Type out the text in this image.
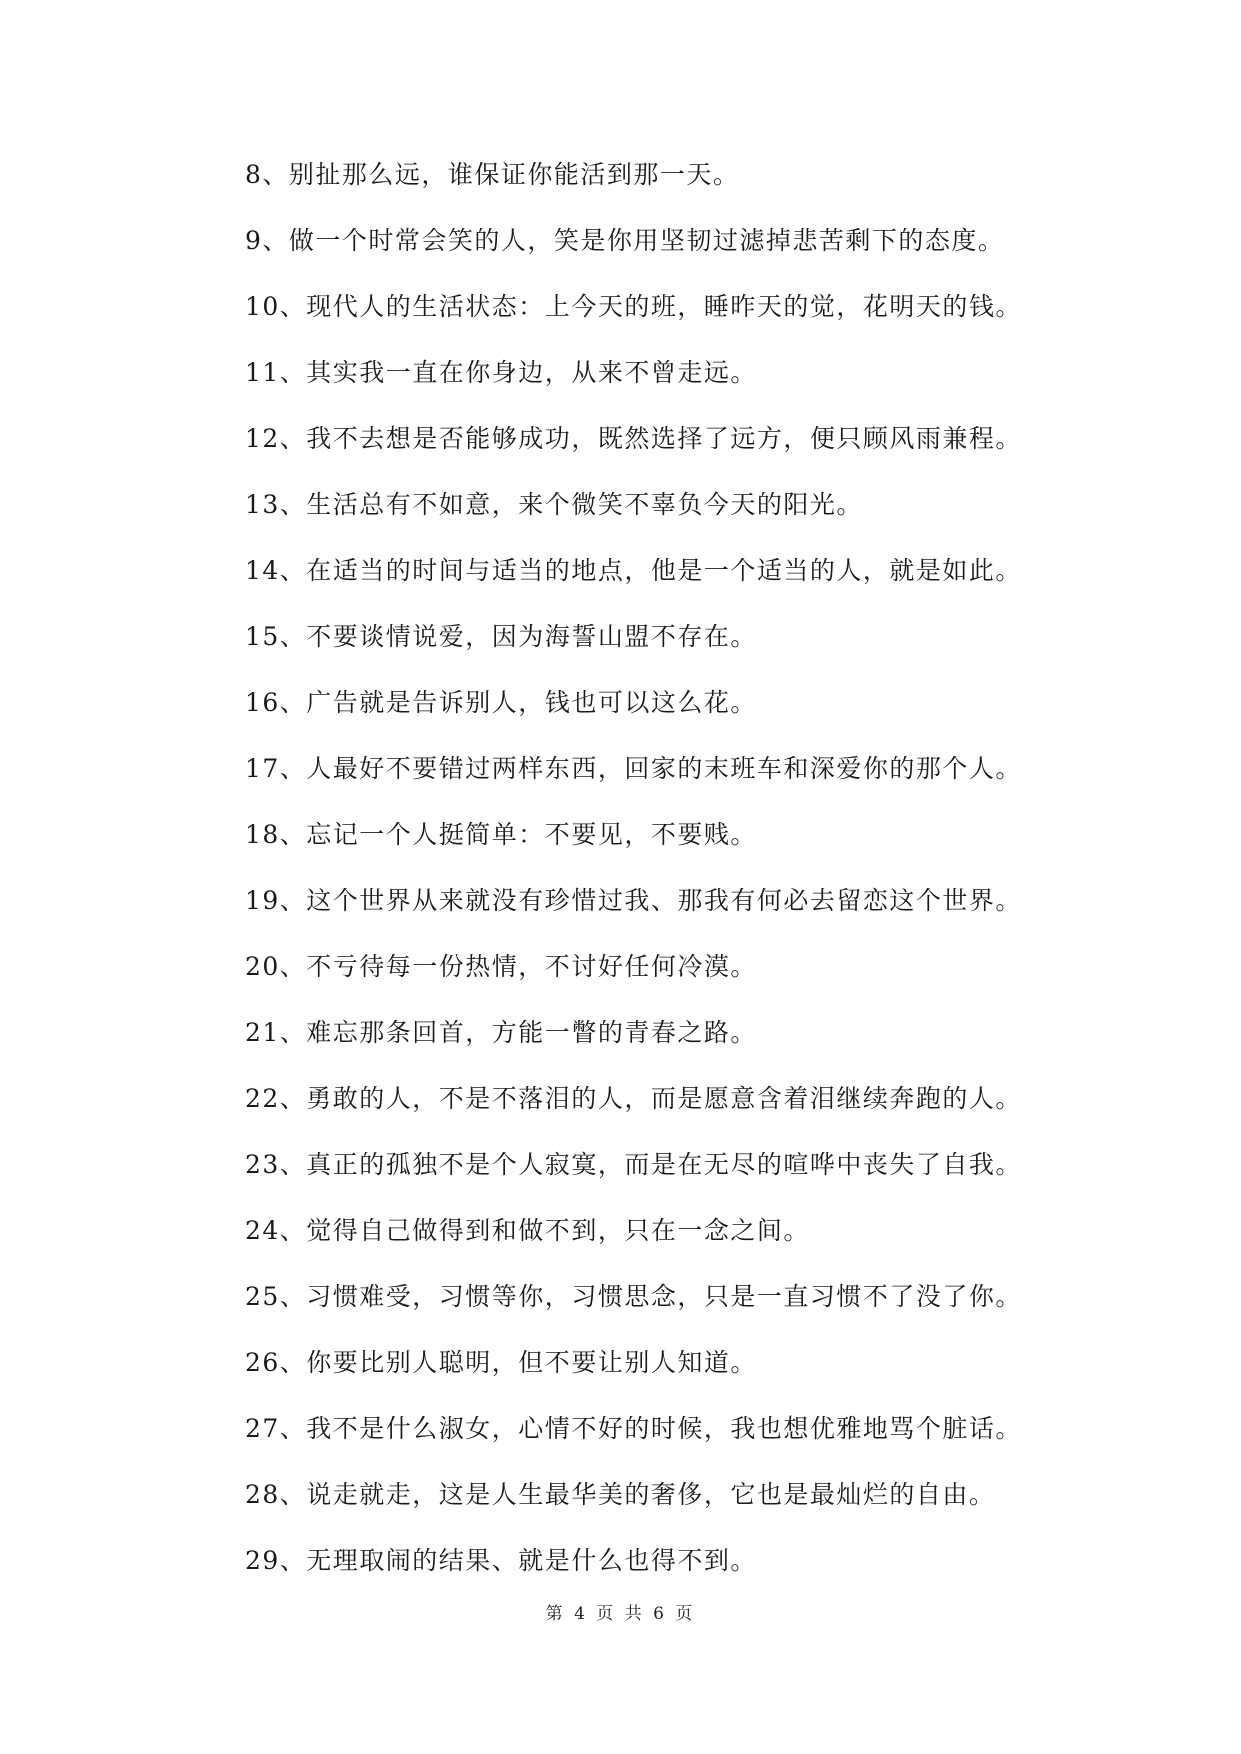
8、别扯那么远，谁保证你能活到那一天。
9、做一个时常会笑的人，笑是你用坚韧过滤掉悲苦剩下的态度。
10、现代人的生活状态：上今天的班，睡昨天的觉，花明天的钱。
11、其实我一直在你身边，从来不曾走远。
12、我不去想是否能够成功，既然选择了远方，便只顾风雨兼程。
13、生活总有不如意，来个微笑不辜负今天的阳光。
14、在适当的时间与适当的地点，他是一个适当的人，就是如此。
15、不要谈情说爱，因为海誓山盟不存在。
16、广告就是告诉别人，钱也可以这么花。
17、人最好不要错过两样东西，回家的末班车和深爱你的那个人。
18、忘记一个人挺简单：不要见，不要贱。
19、这个世界从来就没有珍惜过我、那我有何必去留恋这个世界。
20、不亏待每一份热情，不讨好任何冷漠。
21、难忘那条回首，方能一瞥的青春之路。
22、勇敢的人，不是不落泪的人，而是愿意含着泪继续奔跑的人。
23、真正的孤独不是个人寂寞，而是在无尽的喧哗中丧失了自我。
24、觉得自己做得到和做不到，只在一念之间。
25、习惯难受，习惯等你，习惯思念，只是一直习惯不了没了你。
26、你要比别人聪明，但不要让别人知道。
27、我不是什么淑女，心情不好的时候，我也想优雅地骂个脏话。
28、说走就走，这是人生最华美的奢侈，它也是最灿烂的自由。
29、无理取闹的结果、就是什么也得不到。
第 4 页 共 6 页
